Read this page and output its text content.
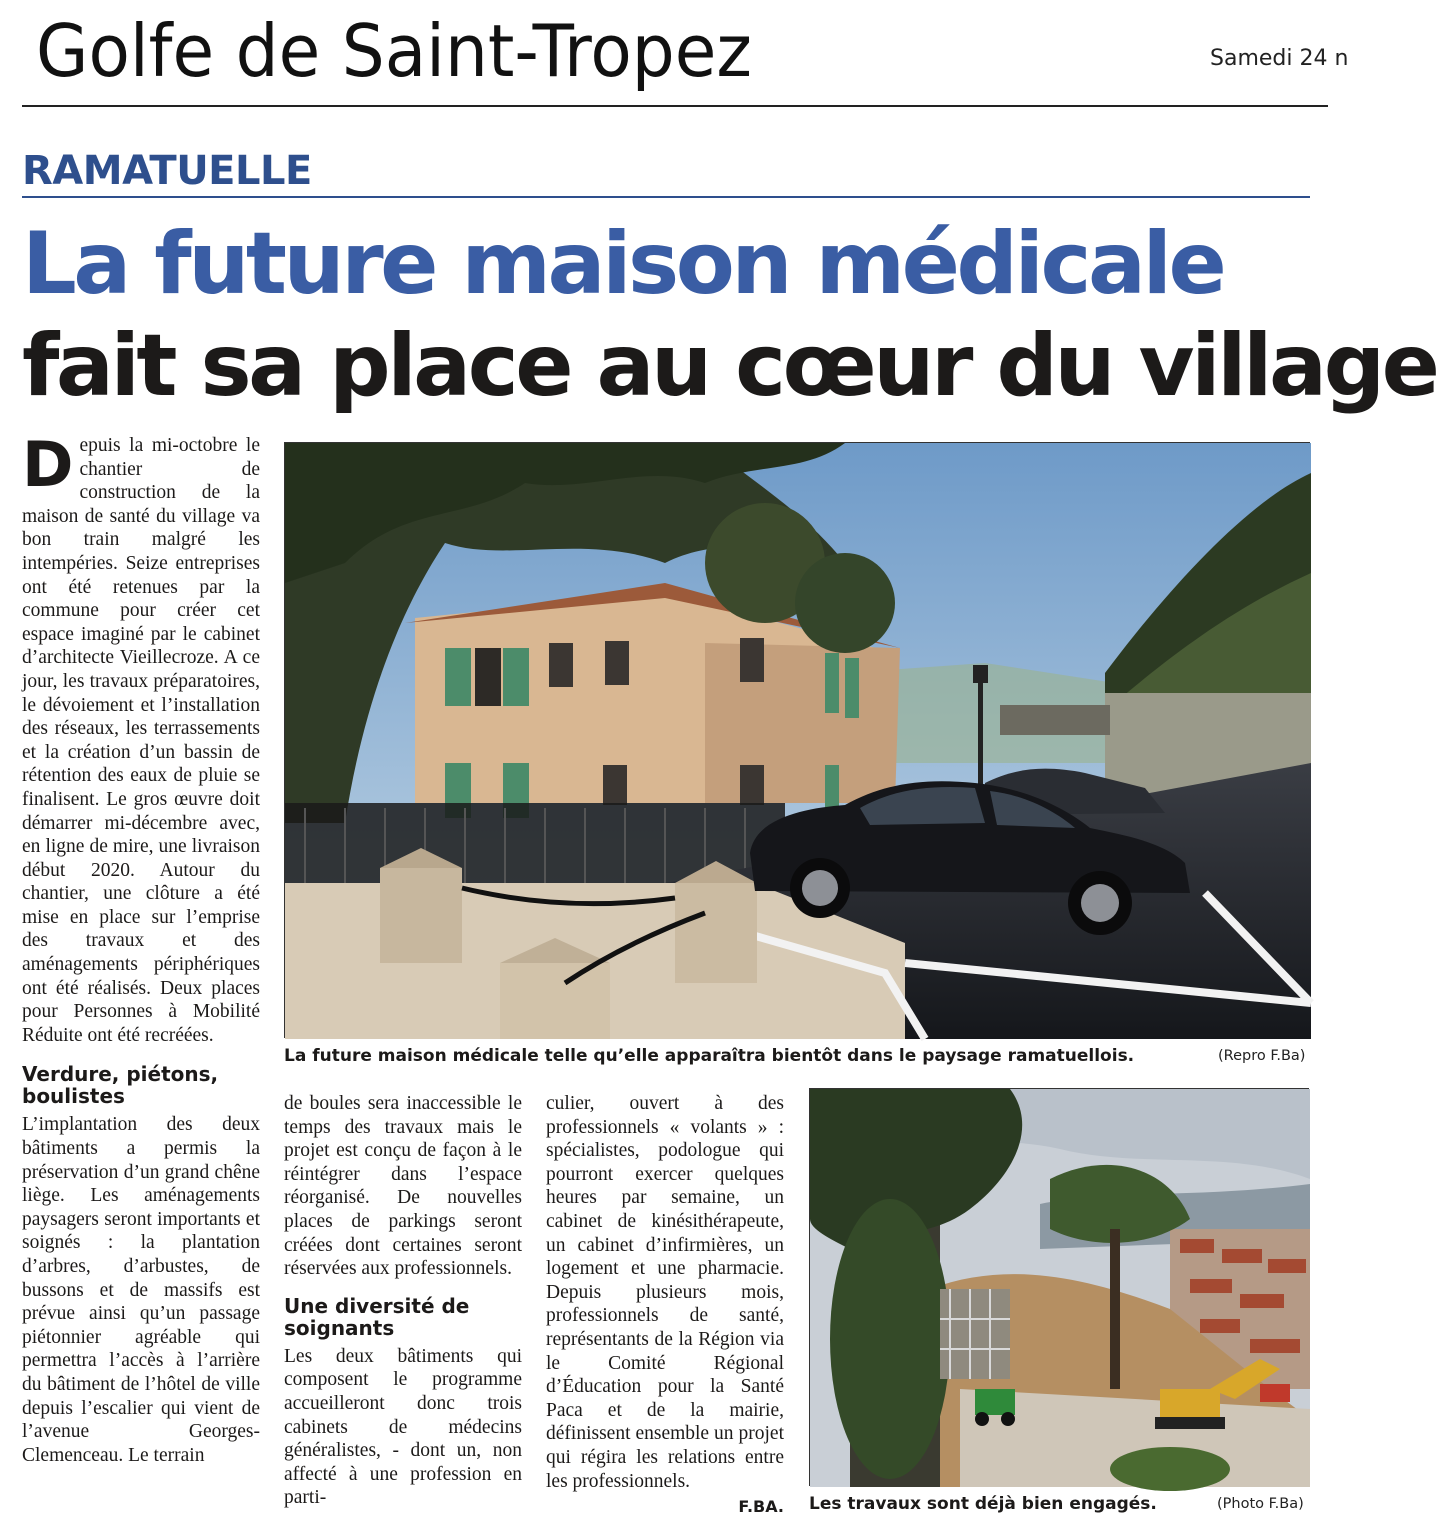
Golfe de Saint-Tropez	Samedi 24 n
RAMATUELLE
La future maison médicale
fait sa place au cœur du village

Depuis la mi-octobre le chantier de construction de la maison de santé du village va bon train malgré les intempéries. Seize entreprises ont été retenues par la commune pour créer cet espace imaginé par le cabinet d’architecte Vieillecroze. A ce jour, les travaux préparatoires, le dévoiement et l’installation des réseaux, les terrassements et la création d’un bassin de rétention des eaux de pluie se finalisent. Le gros œuvre doit démarrer mi-décembre avec, en ligne de mire, une livraison début 2020. Autour du chantier, une clôture a été mise en place sur l’emprise des travaux et des aménagements périphériques ont été réalisés. Deux places pour Personnes à Mobilité Réduite ont été recréées.

Verdure, piétons, boulistes

L’implantation des deux bâtiments a permis la préservation d’un grand chêne liège. Les aménagements paysagers seront importants et soignés : la plantation d’arbres, d’arbustes, de bussons et de massifs est prévue ainsi qu’un passage piétonnier agréable qui permettra l’accès à l’arrière du bâtiment de l’hôtel de ville depuis l’escalier qui vient de l’avenue Georges-Clemenceau. Le terrain

La future maison médicale telle qu’elle apparaîtra bientôt dans le paysage ramatuellois.	(Repro F.Ba)

de boules sera inaccessible le temps des travaux mais le projet est conçu de façon à le réintégrer dans l’espace réorganisé. De nouvelles places de parkings seront créées dont certaines seront réservées aux professionnels.

Une diversité de soignants

Les deux bâtiments qui composent le programme accueilleront donc trois cabinets de médecins généralistes, - dont un, non affecté à une profession en parti-

culier, ouvert à des professionnels « volants » : spécialistes, podologue qui pourront exercer quelques heures par semaine, un cabinet de kinésithérapeute, un cabinet d’infirmières, un logement et une pharmacie. Depuis plusieurs mois, professionnels de santé, représentants de la Région via le Comité Régional d’Éducation pour la Santé Paca et de la mairie, définissent ensemble un projet qui régira les relations entre les professionnels.

F.BA. Les travaux sont déjà bien engagés.	(Photo F.Ba)
